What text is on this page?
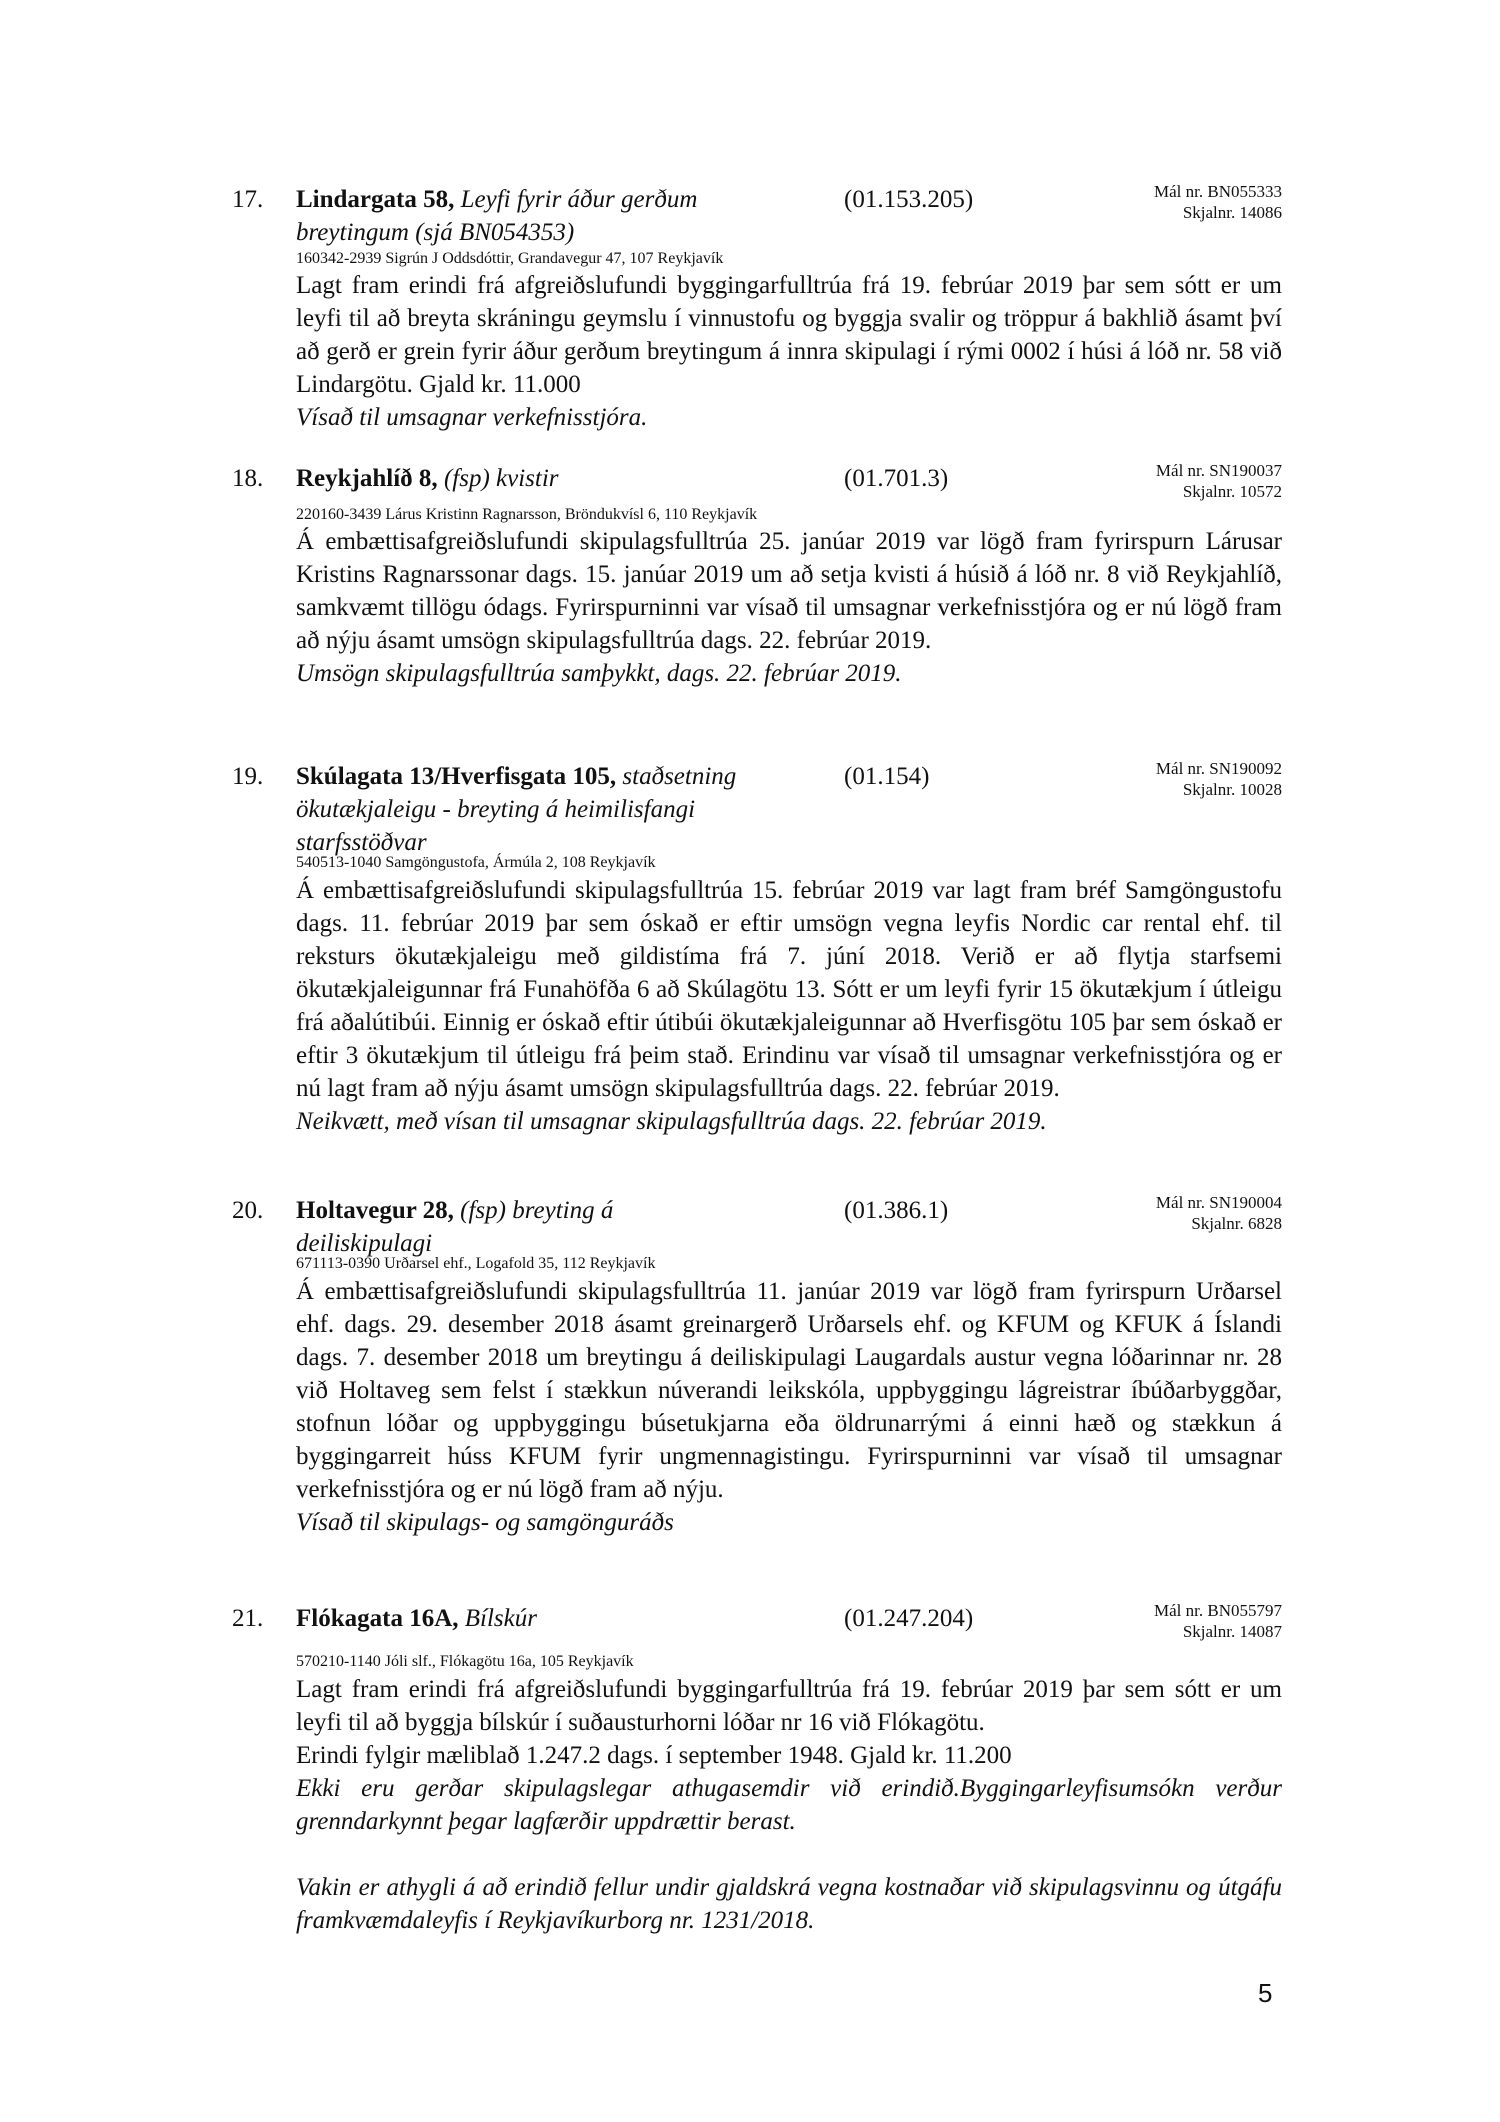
17. Lindargata 58, Leyfi fyrir áður gerðum breytingum (sjá BN054353)
(01.153.205)	Mál nr. BN055333
Skjalnr. 14086
160342-2939 Sigrún J Oddsdóttir, Grandavegur 47, 107 Reykjavík

Lagt fram erindi frá afgreiðslufundi byggingarfulltrúa frá 19. febrúar 2019 þar sem sótt er um leyfi til að breyta skráningu geymslu í vinnustofu og byggja svalir og tröppur á bakhlið ásamt því að gerð er grein fyrir áður gerðum breytingum á innra skipulagi í rými 0002 í húsi á lóð nr. 58 við Lindargötu. Gjald kr. 11.000

Vísað til umsagnar verkefnisstjóra.

18. Reykjahlíð 8, (fsp) kvistir	(01.701.3)	Mál nr. SN190037
Skjalnr. 10572
220160-3439 Lárus Kristinn Ragnarsson, Bröndukvísl 6, 110 Reykjavík

Á embættisafgreiðslufundi skipulagsfulltrúa 25. janúar 2019 var lögð fram fyrirspurn Lárusar Kristins Ragnarssonar dags. 15. janúar 2019 um að setja kvisti á húsið á lóð nr. 8 við Reykjahlíð, samkvæmt tillögu ódags. Fyrirspurninni var vísað til umsagnar verkefnisstjóra og er nú lögð fram að nýju ásamt umsögn skipulagsfulltrúa dags. 22. febrúar 2019.

Umsögn skipulagsfulltrúa samþykkt, dags. 22. febrúar 2019.

19. Skúlagata 13/Hverfisgata 105, staðsetning ökutækjaleigu - breyting á heimilisfangi starfsstöðvar
(01.154)	Mál nr. SN190092
Skjalnr. 10028
540513-1040 Samgöngustofa, Ármúla 2, 108 Reykjavík

Á embættisafgreiðslufundi skipulagsfulltrúa 15. febrúar 2019 var lagt fram bréf Samgöngustofu dags. 11. febrúar 2019 þar sem óskað er eftir umsögn vegna leyfis Nordic car rental ehf. til reksturs ökutækjaleigu með gildistíma frá 7. júní 2018. Verið er að flytja starfsemi ökutækjaleigunnar frá Funahöfða 6 að Skúlagötu 13. Sótt er um leyfi fyrir 15 ökutækjum í útleigu frá aðalútibúi. Einnig er óskað eftir útibúi ökutækjaleigunnar að Hverfisgötu 105 þar sem óskað er eftir 3 ökutækjum til útleigu frá þeim stað. Erindinu var vísað til umsagnar verkefnisstjóra og er nú lagt fram að nýju ásamt umsögn skipulagsfulltrúa dags. 22. febrúar 2019.

Neikvætt, með vísan til umsagnar skipulagsfulltrúa dags. 22. febrúar 2019.

20. Holtavegur 28, (fsp) breyting á deiliskipulagi
(01.386.1)	Mál nr. SN190004
Skjalnr. 6828
671113-0390 Urðarsel ehf., Logafold 35, 112 Reykjavík

Á embættisafgreiðslufundi skipulagsfulltrúa 11. janúar 2019 var lögð fram fyrirspurn Urðarsel ehf. dags. 29. desember 2018 ásamt greinargerð Urðarsels ehf. og KFUM og KFUK á Íslandi dags. 7. desember 2018 um breytingu á deiliskipulagi Laugardals austur vegna lóðarinnar nr. 28 við Holtaveg sem felst í stækkun núverandi leikskóla, uppbyggingu lágreistrar íbúðarbyggðar, stofnun lóðar og uppbyggingu búsetukjarna eða öldrunarrými á einni hæð og stækkun á byggingarreit húss KFUM fyrir ungmennagistingu. Fyrirspurninni var vísað til umsagnar verkefnisstjóra og er nú lögð fram að nýju.

Vísað til skipulags- og samgönguráðs

21. Flókagata 16A, Bílskúr	(01.247.204)	Mál nr. BN055797
Skjalnr. 14087
570210-1140 Jóli slf., Flókagötu 16a, 105 Reykjavík

Lagt fram erindi frá afgreiðslufundi byggingarfulltrúa frá 19. febrúar 2019 þar sem sótt er um leyfi til að byggja bílskúr í suðausturhorni lóðar nr 16 við Flókagötu.

Erindi fylgir mæliblað 1.247.2 dags. í september 1948. Gjald kr. 11.200

Ekki eru gerðar skipulagslegar athugasemdir við erindið.Byggingarleyfisumsókn verður grenndarkynnt þegar lagfærðir uppdrættir berast.

Vakin er athygli á að erindið fellur undir gjaldskrá vegna kostnaðar við skipulagsvinnu og útgáfu framkvæmdaleyfis í Reykjavíkurborg nr. 1231/2018.

5
